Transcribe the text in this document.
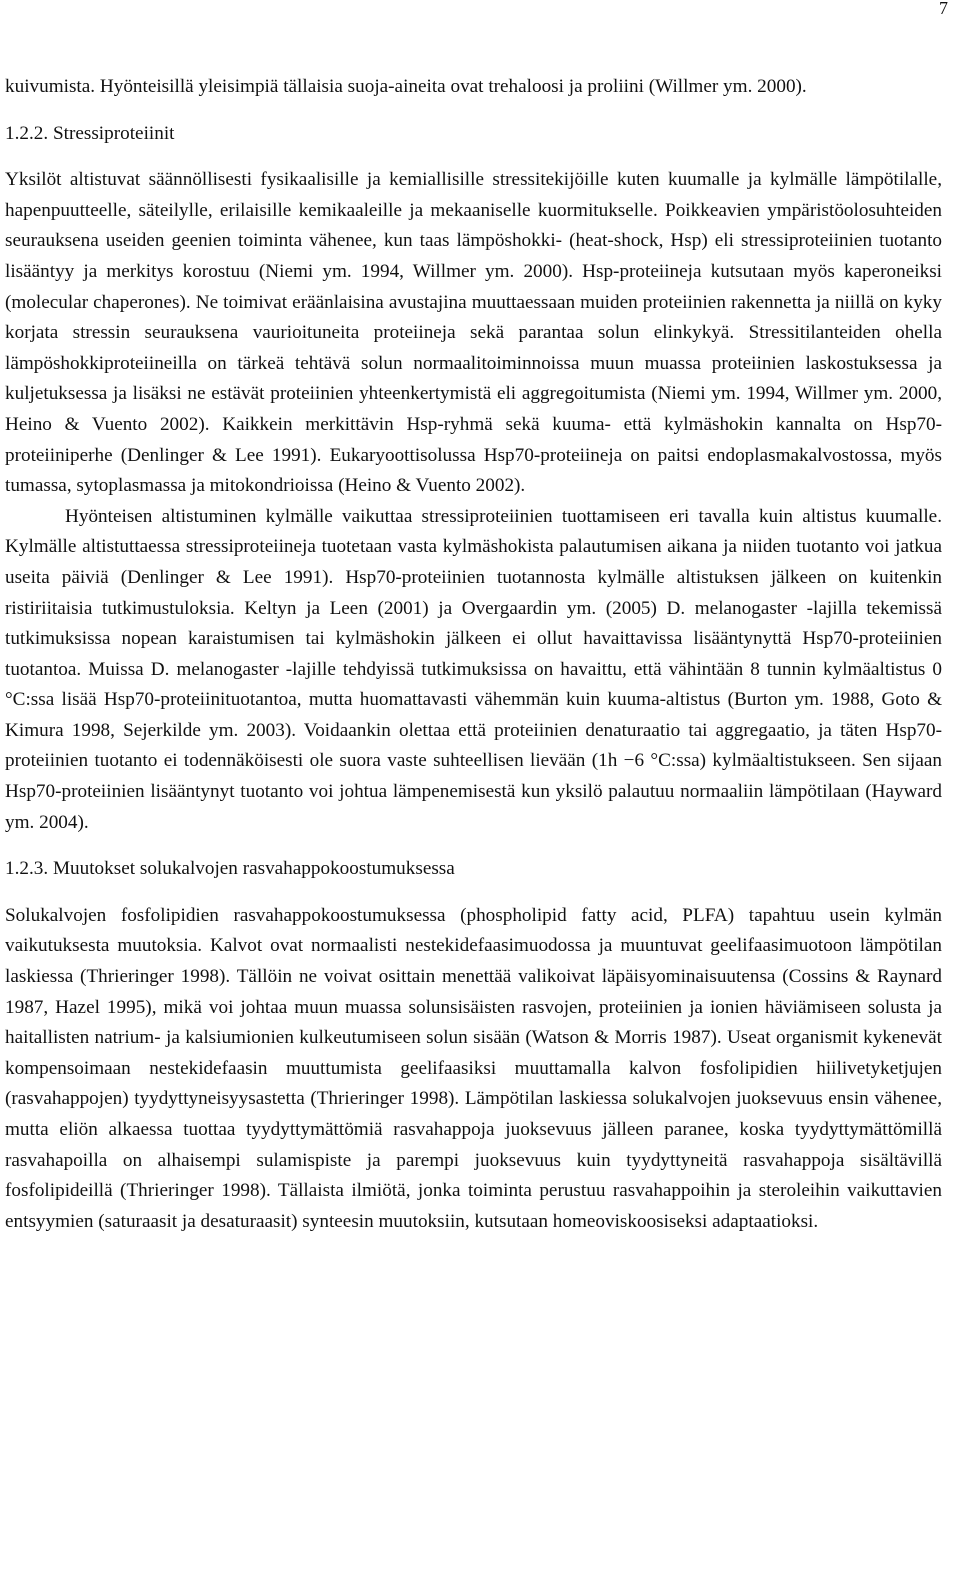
7

kuivumista. Hyönteisillä yleisimpiä tällaisia suoja-aineita ovat trehaloosi ja proliini (Willmer ym. 2000).

1.2.2. Stressiproteiinit

Yksilöt altistuvat säännöllisesti fysikaalisille ja kemiallisille stressitekijöille kuten kuumalle ja kylmälle lämpötilalle, hapenpuutteelle, säteilylle, erilaisille kemikaaleille ja mekaaniselle kuormitukselle. Poikkeavien ympäristöolosuhteiden seurauksena useiden geenien toiminta vähenee, kun taas lämpöshokki- (heat-shock, Hsp) eli stressiproteiinien tuotanto lisääntyy ja merkitys korostuu (Niemi ym. 1994, Willmer ym. 2000). Hsp-proteiineja kutsutaan myös kaperoneiksi (molecular chaperones). Ne toimivat eräänlaisina avustajina muuttaessaan muiden proteiinien rakennetta ja niillä on kyky korjata stressin seurauksena vaurioituneita proteiineja sekä parantaa solun elinkykyä. Stressitilanteiden ohella lämpöshokkiproteiineilla on tärkeä tehtävä solun normaalitoiminnoissa muun muassa proteiinien laskostuksessa ja kuljetuksessa ja lisäksi ne estävät proteiinien yhteenkertymistä eli aggregoitumista (Niemi ym. 1994, Willmer ym. 2000, Heino & Vuento 2002). Kaikkein merkittävin Hsp-ryhmä sekä kuuma- että kylmäshokin kannalta on Hsp70-proteiiniperhe (Denlinger & Lee 1991). Eukaryoottisolussa Hsp70-proteiineja on paitsi endoplasmakalvostossa, myös tumassa, sytoplasmassa ja mitokondrioissa (Heino & Vuento 2002).

Hyönteisen altistuminen kylmälle vaikuttaa stressiproteiinien tuottamiseen eri tavalla kuin altistus kuumalle. Kylmälle altistuttaessa stressiproteiineja tuotetaan vasta kylmäshokista palautumisen aikana ja niiden tuotanto voi jatkua useita päiviä (Denlinger & Lee 1991). Hsp70-proteiinien tuotannosta kylmälle altistuksen jälkeen on kuitenkin ristiriitaisia tutkimustuloksia. Keltyn ja Leen (2001) ja Overgaardin ym. (2005) D. melanogaster -lajilla tekemissä tutkimuksissa nopean karaistumisen tai kylmäshokin jälkeen ei ollut havaittavissa lisääntynyttä Hsp70-proteiinien tuotantoa. Muissa D. melanogaster -lajille tehdyissä tutkimuksissa on havaittu, että vähintään 8 tunnin kylmäaltistus 0 °C:ssa lisää Hsp70-proteiinituotantoa, mutta huomattavasti vähemmän kuin kuuma-altistus (Burton ym. 1988, Goto & Kimura 1998, Sejerkilde ym. 2003). Voidaankin olettaa että proteiinien denaturaatio tai aggregaatio, ja täten Hsp70-proteiinien tuotanto ei todennäköisesti ole suora vaste suhteellisen lievään (1h −6 °C:ssa) kylmäaltistukseen. Sen sijaan Hsp70-proteiinien lisääntynyt tuotanto voi johtua lämpenemisestä kun yksilö palautuu normaaliin lämpötilaan (Hayward ym. 2004).

1.2.3. Muutokset solukalvojen rasvahappokoostumuksessa

Solukalvojen fosfolipidien rasvahappokoostumuksessa (phospholipid fatty acid, PLFA) tapahtuu usein kylmän vaikutuksesta muutoksia. Kalvot ovat normaalisti nestekidefaasimuodossa ja muuntuvat geelifaasimuotoon lämpötilan laskiessa (Thrieringer 1998). Tällöin ne voivat osittain menettää valikoivat läpäisyominaisuutensa (Cossins & Raynard 1987, Hazel 1995), mikä voi johtaa muun muassa solunsisäisten rasvojen, proteiinien ja ionien häviämiseen solusta ja haitallisten natrium- ja kalsiumionien kulkeutumiseen solun sisään (Watson & Morris 1987). Useat organismit kykenevät kompensoimaan nestekidefaasin muuttumista geelifaasiksi muuttamalla kalvon fosfolipidien hiilivetyketjujen (rasvahappojen) tyydyttyneisyysastetta (Thrieringer 1998). Lämpötilan laskiessa solukalvojen juoksevuus ensin vähenee, mutta eliön alkaessa tuottaa tyydyttymättömiä rasvahappoja juoksevuus jälleen paranee, koska tyydyttymättömillä rasvahapoilla on alhaisempi sulamispiste ja parempi juoksevuus kuin tyydyttyneitä rasvahappoja sisältävillä fosfolipideillä (Thrieringer 1998). Tällaista ilmiötä, jonka toiminta perustuu rasvahappoihin ja steroleihin vaikuttavien entsyymien (saturaasit ja desaturaasit) synteesin muutoksiin, kutsutaan homeoviskoosiseksi adaptaatioksi.
